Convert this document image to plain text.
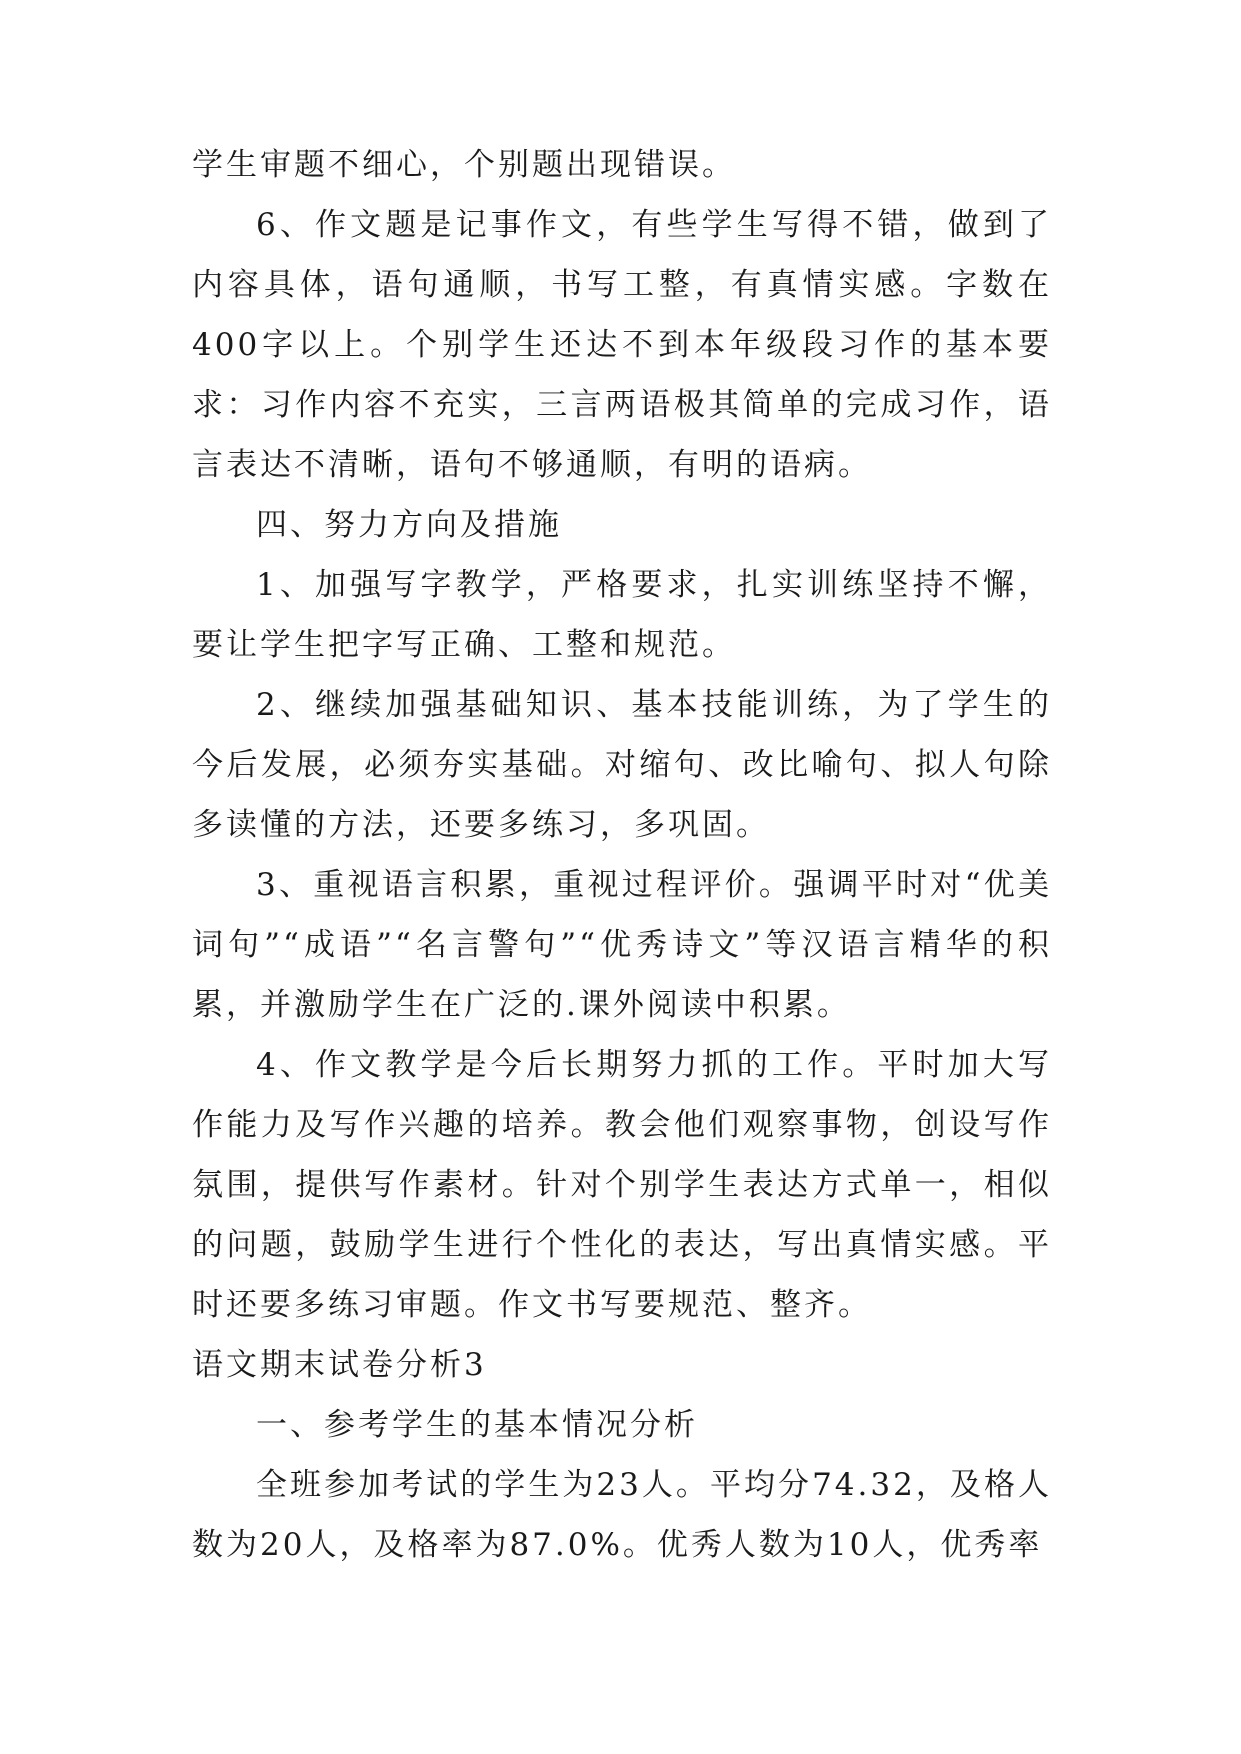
学生审题不细心，个别题出现错误。

6、作文题是记事作文，有些学生写得不错，做到了内容具体，语句通顺，书写工整，有真情实感。字数在400字以上。个别学生还达不到本年级段习作的基本要求：习作内容不充实，三言两语极其简单的完成习作，语言表达不清晰，语句不够通顺，有明的语病。

四、努力方向及措施

1、加强写字教学，严格要求，扎实训练坚持不懈，要让学生把字写正确、工整和规范。

2、继续加强基础知识、基本技能训练，为了学生的今后发展，必须夯实基础。对缩句、改比喻句、拟人句除多读懂的方法，还要多练习，多巩固。

3、重视语言积累，重视过程评价。强调平时对“优美词句”“成语”“名言警句”“优秀诗文”等汉语言精华的积累，并激励学生在广泛的.课外阅读中积累。

4、作文教学是今后长期努力抓的工作。平时加大写作能力及写作兴趣的培养。教会他们观察事物，创设写作氛围，提供写作素材。针对个别学生表达方式单一，相似的问题，鼓励学生进行个性化的表达，写出真情实感。平时还要多练习审题。作文书写要规范、整齐。

语文期末试卷分析3

一、参考学生的基本情况分析

全班参加考试的学生为23人。平均分74.32，及格人数为20人，及格率为87.0%。优秀人数为10人，优秀率
